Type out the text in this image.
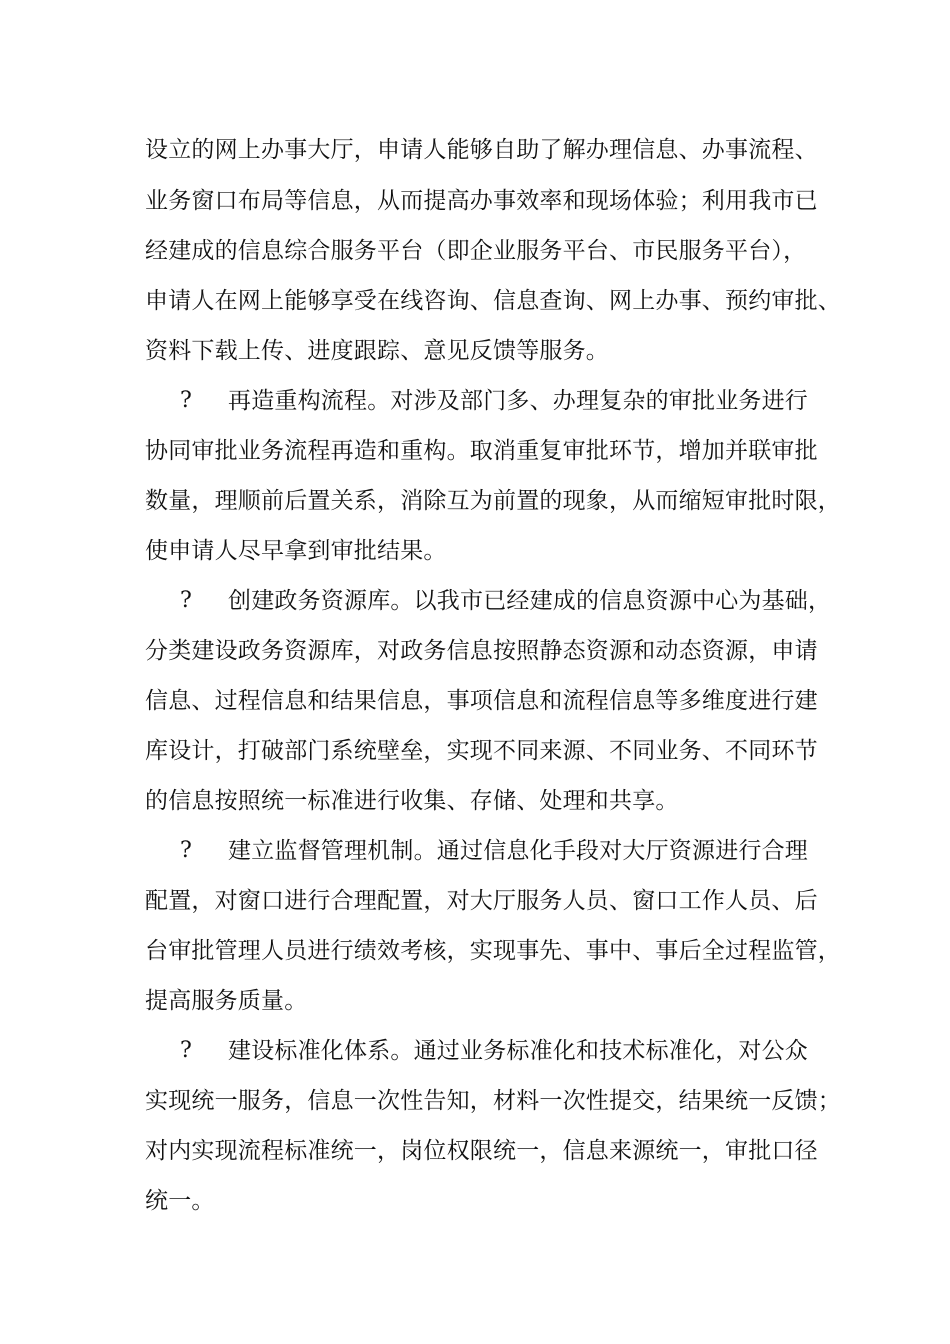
设立的网上办事大厅，申请人能够自助了解办理信息、办事流程、
业务窗口布局等信息，从而提高办事效率和现场体验；利用我市已
经建成的信息综合服务平台（即企业服务平台、市民服务平台），
申请人在网上能够享受在线咨询、信息查询、网上办事、预约审批、
资料下载上传、进度跟踪、意见反馈等服务。
?	再造重构流程。对涉及部门多、办理复杂的审批业务进行
协同审批业务流程再造和重构。取消重复审批环节，增加并联审批
数量，理顺前后置关系，消除互为前置的现象，从而缩短审批时限，
使申请人尽早拿到审批结果。
?	创建政务资源库。以我市已经建成的信息资源中心为基础，
分类建设政务资源库，对政务信息按照静态资源和动态资源，申请
信息、过程信息和结果信息，事项信息和流程信息等多维度进行建
库设计，打破部门系统壁垒，实现不同来源、不同业务、不同环节
的信息按照统一标准进行收集、存储、处理和共享。
?	建立监督管理机制。通过信息化手段对大厅资源进行合理
配置，对窗口进行合理配置，对大厅服务人员、窗口工作人员、后
台审批管理人员进行绩效考核，实现事先、事中、事后全过程监管，
提高服务质量。
?	建设标准化体系。通过业务标准化和技术标准化，对公众
实现统一服务，信息一次性告知，材料一次性提交，结果统一反馈；
对内实现流程标准统一，岗位权限统一，信息来源统一，审批口径
统一。
